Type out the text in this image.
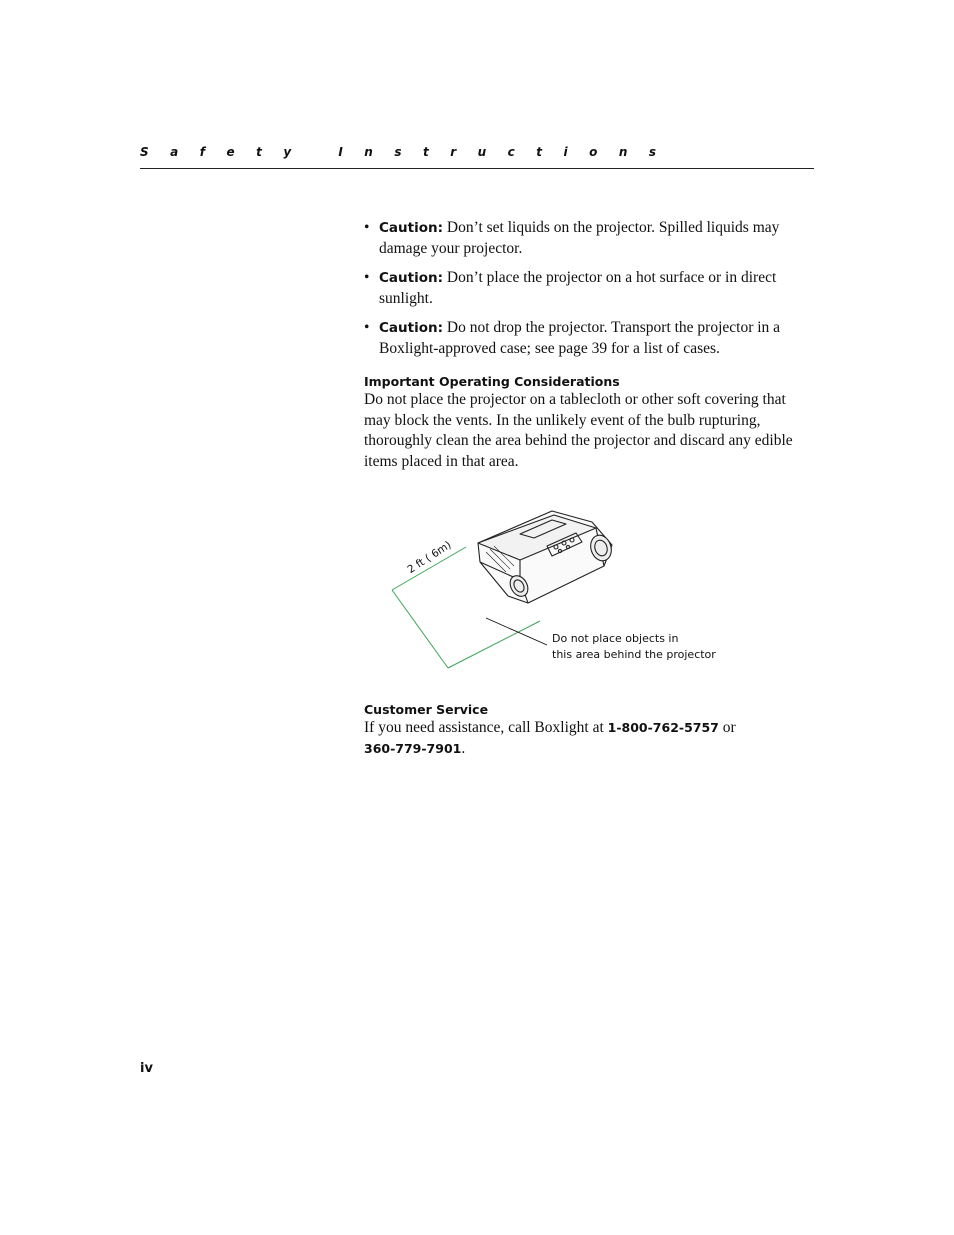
Safety Instructions
• Caution: Don’t set liquids on the projector. Spilled liquids may damage your projector.
• Caution: Don’t place the projector on a hot surface or in direct sunlight.
• Caution: Do not drop the projector. Transport the projector in a Boxlight-approved case; see page 39 for a list of cases.
Important Operating Considerations

Do not place the projector on a tablecloth or other soft covering that may block the vents. In the unlikely event of the bulb rupturing, thoroughly clean the area behind the projector and discard any edible items placed in that area.

2 ft ( 6m)
Do not place objects in
this area behind the projector
Customer Service

If you need assistance, call Boxlight at 1-800-762-5757 or
360-779-7901.

iv
